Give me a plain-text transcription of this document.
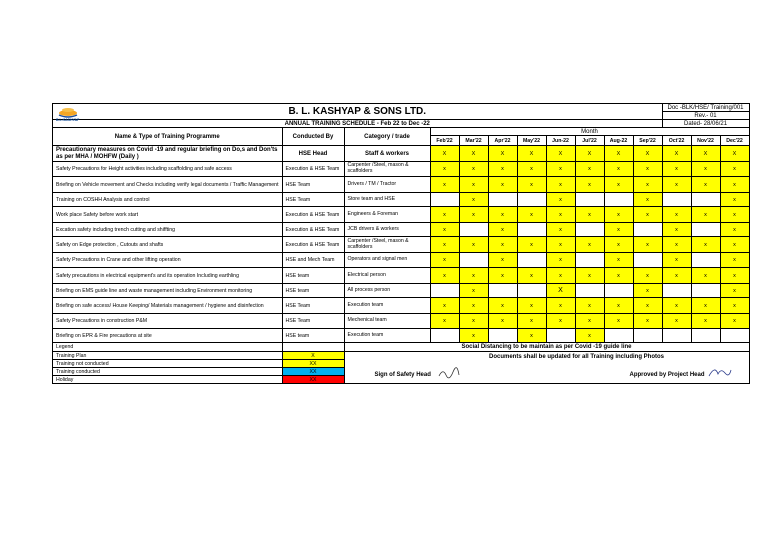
B. L. KASHYAP & SONS LTD.											Doc -BLK/HSE/ Training/001		
											Rev.- 01		
ANNUAL TRAINING SCHEDULE - Feb 22 to Dec -22											Dated- 28/06/21		
Name & Type of Training Programme	Conducted By	Category / trade	Month										
			Feb'22	Mar'22	Apr'22	May'22	Jun-22	Jul'22	Aug-22	Sep'22	Oct'22	Nov'22	Dec'22
Precautionary measures on Covid -19 and regular briefing on Do,s and Don'ts as per MHA / MOHFW (Daily )	HSE Head	Staff & workers	X	X	X	X	X	X	X	X	X	X	X
Safety Precautions for Height activities including scaffolding and safe access	Execution & HSE Team	Carpenter /Steel, mason & scaffolders	x	x	x	x	x	x	x	x	x	x	x
Briefing on Vehicle movement and Checks including verify legal documents / Traffic Management	HSE Team	Drivers / TM / Tractor	x	x	x	x	x	x	x	x	x	x	x
Training on COSHH Analysis and control	HSE Team	Store team and HSE		x			x			x			x
Work place Safety before work start	Execution & HSE Team	Engineers & Foreman	x	x	x	x	x	x	x	x	x	x	x
Excation safety including trench cutting and shiffting	Execution & HSE Team	JCB drivers & workers	x		x		x		x		x		x
Safety on Edge protection , Cutouts and shafts	Execution & HSE Team	Carpenter /Steel, mason & scaffolders	x	x	x	x	x	x	x	x	x	x	x
Safety Precautions in Crane and other lifting operation	HSE and Mech Team	Operators and signal men	x		x		x		x		x		x
Safety precautions in electrical equipment's and its operation Including earthling	HSE team	Electrical person	x	x	x	x	x	x	x	x	x	x	x
Briefing on EMS guide line and waste management including Environment monitoring	HSE team	All process person		x			X			x			x
Briefing on safe access/ House Keeping/ Materials management / hygiene and disinfection	HSE Team	Execution team	x	x	x	x	x	x	x	x	x	x	x
Safety Precautions in construction P&M	HSE Team	Mechenical team	x	x	x	x	x	x	x	x	x	x	x
Briefing on EPR & Fire precautions at site	HSE team	Execution team		x		x		x					
Legend		Social Distancing to be maintain as per Covid -19 guide line											
Training Plan	X	Documents shall be updated for all Training including Photos
Sign of Safety Head Approved by Project Head											

Training not conducted	XX												
Training conducted	XX												
Holiday	XX												
B.L.KASHYAP
